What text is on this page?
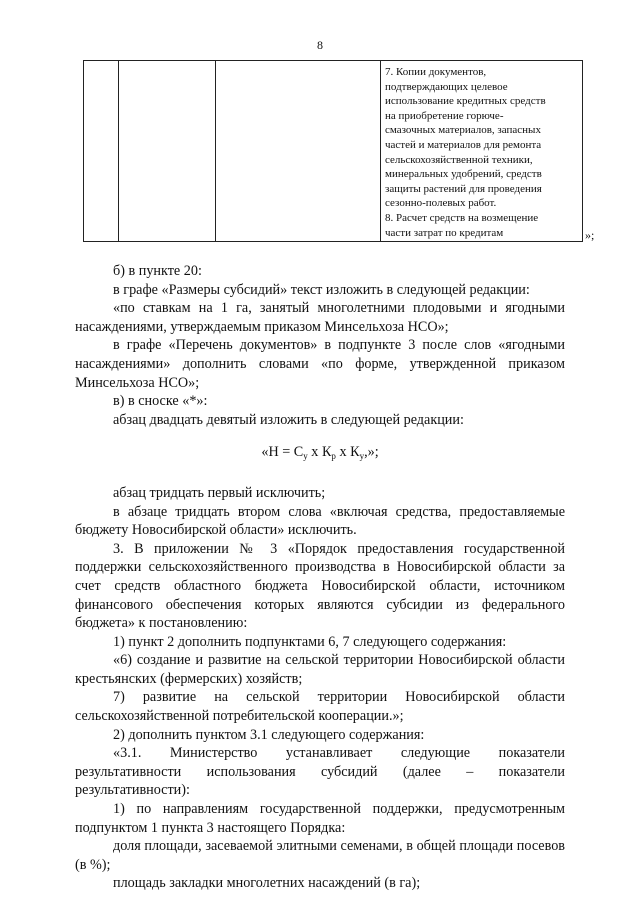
8
7. Копии документов,
подтверждающих целевое
использование кредитных средств
на приобретение горюче-
смазочных материалов, запасных
частей и материалов для ремонта
сельскохозяйственной техники,
минеральных удобрений, средств
защиты растений для проведения
сезонно-полевых работ.
8. Расчет средств на возмещение
части затрат по кредитам	»;

б) в пункте 20:

в графе «Размеры субсидий» текст изложить в следующей редакции:

«по ставкам на 1 га, занятый многолетними плодовыми и ягодными насаждениями, утверждаемым приказом Минсельхоза НСО»;

в графе «Перечень документов» в подпункте 3 после слов «ягодными насаждениями» дополнить словами «по форме, утвержденной приказом Минсельхоза НСО»;

в) в сноске «*»:

абзац двадцать девятый изложить в следующей редакции:

«$Н = С_у$ х $К_р$ х $К_у$,»;

абзац тридцать первый исключить;

в абзаце тридцать втором слова «включая средства, предоставляемые бюджету Новосибирской области» исключить.

3. В приложении № 3 «Порядок предоставления государственной поддержки сельскохозяйственного производства в Новосибирской области за счет средств областного бюджета Новосибирской области, источником финансового обеспечения которых являются субсидии из федерального бюджета» к постановлению:

1) пункт 2 дополнить подпунктами 6, 7 следующего содержания:

«6) создание и развитие на сельской территории Новосибирской области крестьянских (фермерских) хозяйств;

7) развитие на сельской территории Новосибирской области сельскохозяйственной потребительской кооперации.»;

2) дополнить пунктом 3.1 следующего содержания:

«3.1. Министерство устанавливает следующие показатели результативности использования субсидий (далее – показатели результативности):

1) по направлениям государственной поддержки, предусмотренным подпунктом 1 пункта 3 настоящего Порядка:

доля площади, засеваемой элитными семенами, в общей площади посевов (в %);

площадь закладки многолетних насаждений (в га);
